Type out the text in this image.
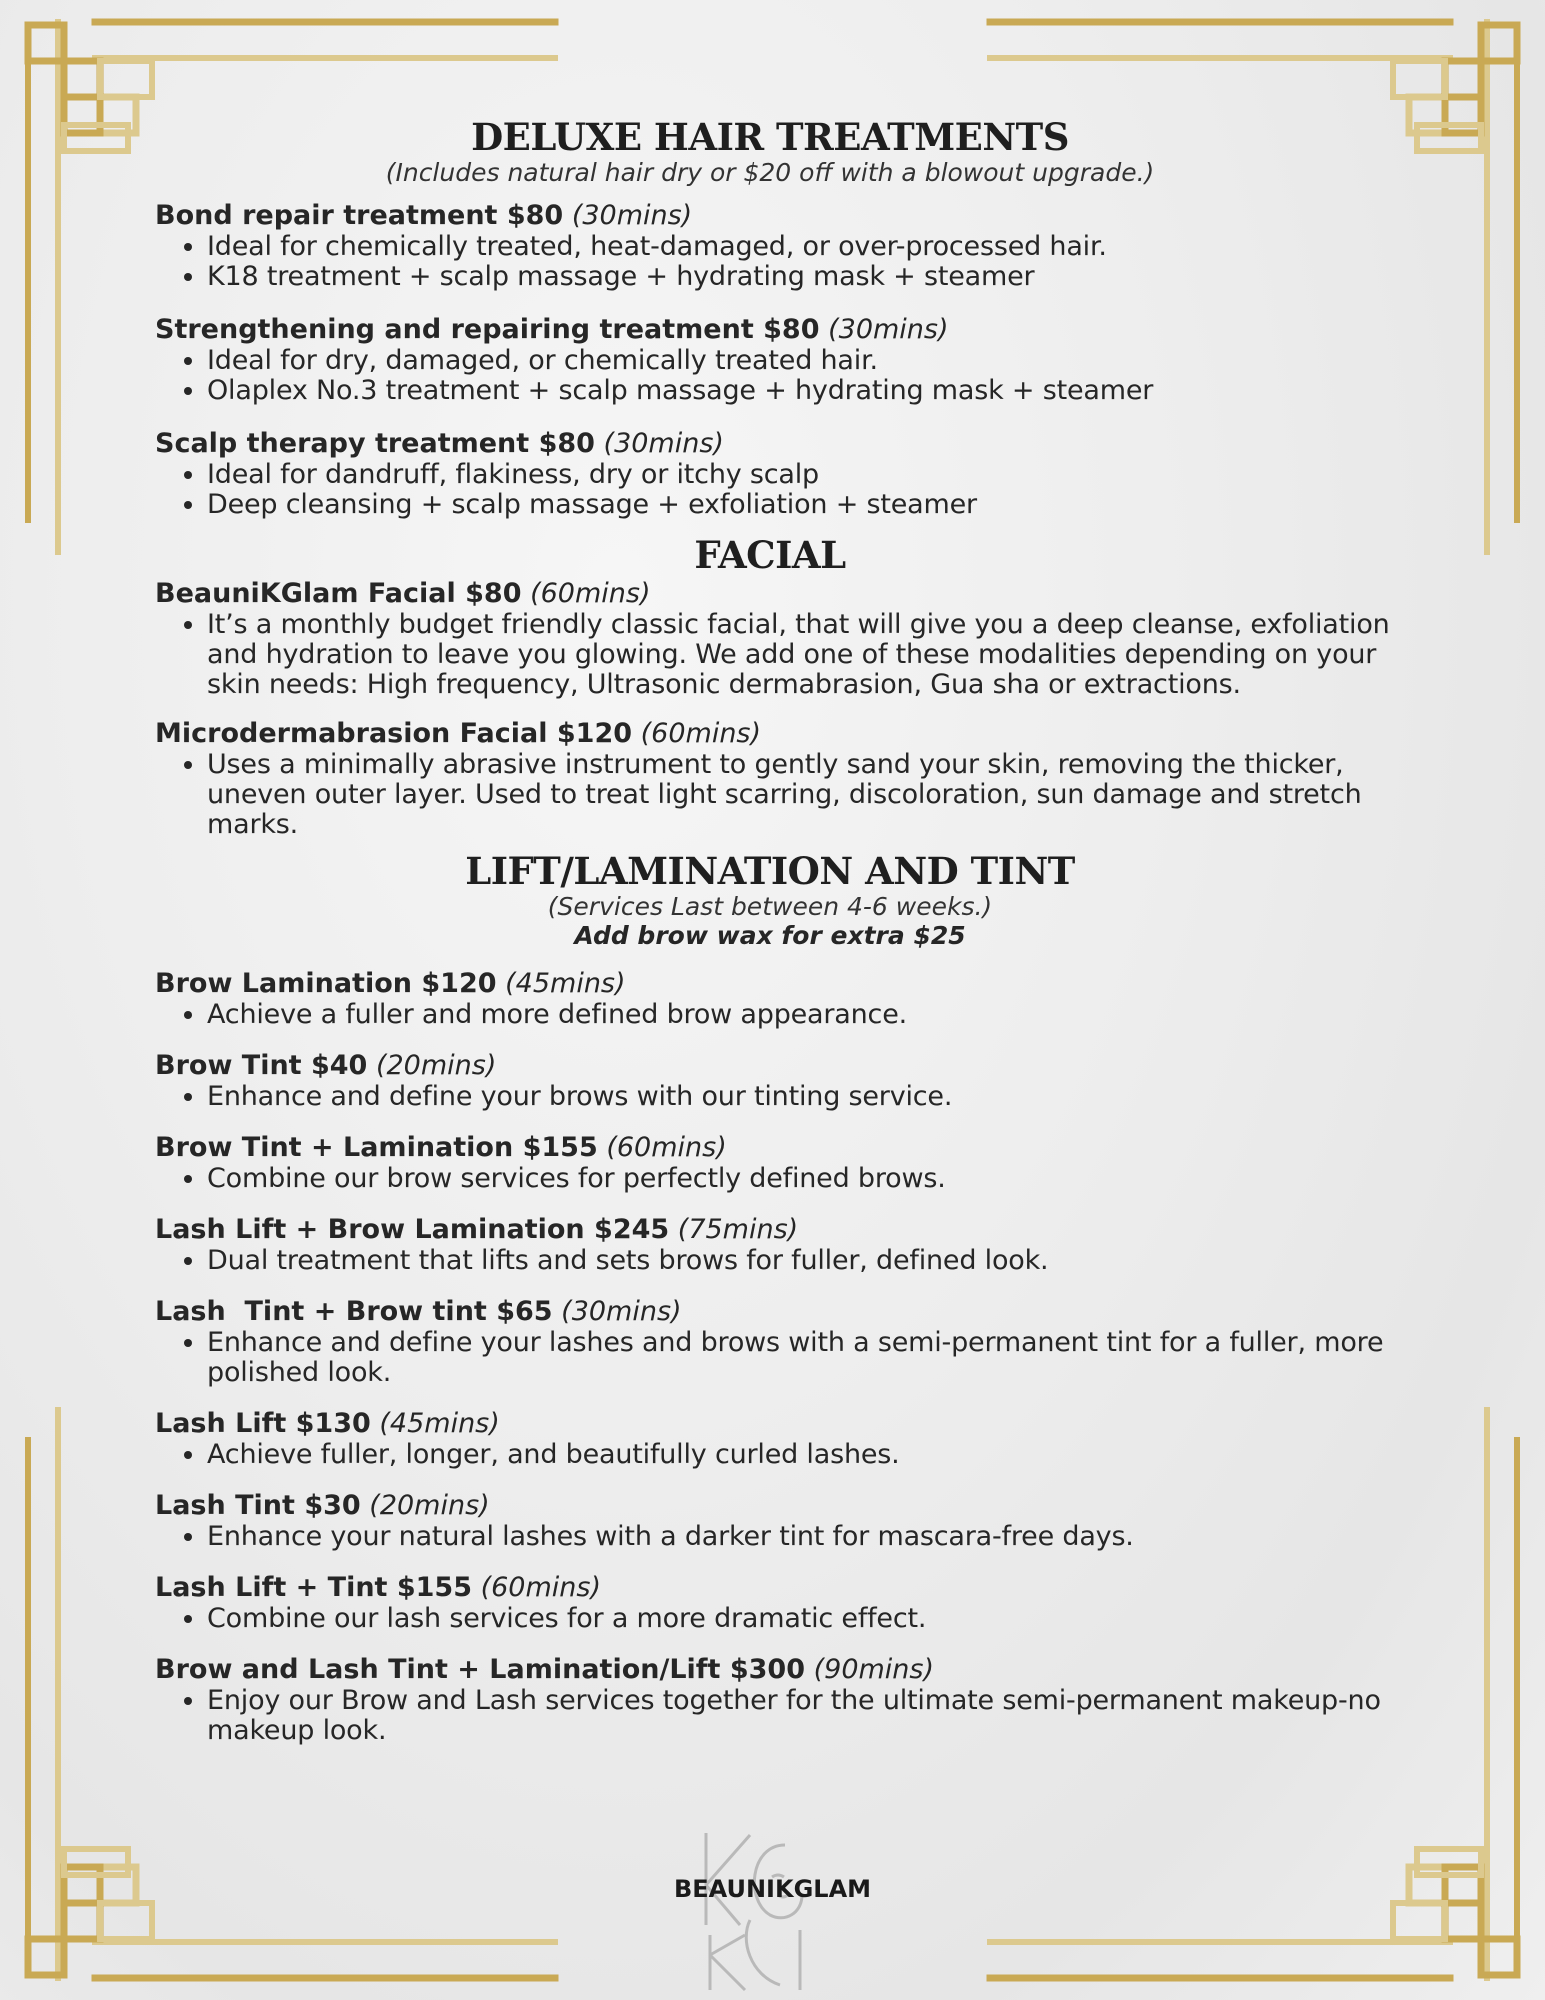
DELUXE HAIR TREATMENTS
(Includes natural hair dry or $20 off with a blowout upgrade.)
Bond repair treatment $80 (30mins)
• Ideal for chemically treated, heat-damaged, or over-processed hair.
• K18 treatment + scalp massage + hydrating mask + steamer
Strengthening and repairing treatment $80 (30mins)
• Ideal for dry, damaged, or chemically treated hair.
• Olaplex No.3 treatment + scalp massage + hydrating mask + steamer
Scalp therapy treatment $80 (30mins)
• Ideal for dandruff, flakiness, dry or itchy scalp
• Deep cleansing + scalp massage + exfoliation + steamer
FACIAL
BeauniKGlam Facial $80 (60mins)
• It’s a monthly budget friendly classic facial, that will give you a deep cleanse, exfoliation and hydration to leave you glowing. We add one of these modalities depending on your skin needs: High frequency, Ultrasonic dermabrasion, Gua sha or extractions.
Microdermabrasion Facial $120 (60mins)
• Uses a minimally abrasive instrument to gently sand your skin, removing the thicker, uneven outer layer. Used to treat light scarring, discoloration, sun damage and stretch marks.
LIFT/LAMINATION AND TINT
(Services Last between 4-6 weeks.)
Add brow wax for extra $25
Brow Lamination $120 (45mins)
• Achieve a fuller and more defined brow appearance.
Brow Tint $40 (20mins)
• Enhance and define your brows with our tinting service.
Brow Tint + Lamination $155 (60mins)
• Combine our brow services for perfectly defined brows.
Lash Lift + Brow Lamination $245 (75mins)
• Dual treatment that lifts and sets brows for fuller, defined look.
Lash  Tint + Brow tint $65 (30mins)
• Enhance and define your lashes and brows with a semi-permanent tint for a fuller, more polished look.
Lash Lift $130 (45mins)
• Achieve fuller, longer, and beautifully curled lashes.
Lash Tint $30 (20mins)
• Enhance your natural lashes with a darker tint for mascara-free days.
Lash Lift + Tint $155 (60mins)
• Combine our lash services for a more dramatic effect.
Brow and Lash Tint + Lamination/Lift $300 (90mins)
• Enjoy our Brow and Lash services together for the ultimate semi-permanent makeup-no makeup look.
BEAUNIKGLAM
